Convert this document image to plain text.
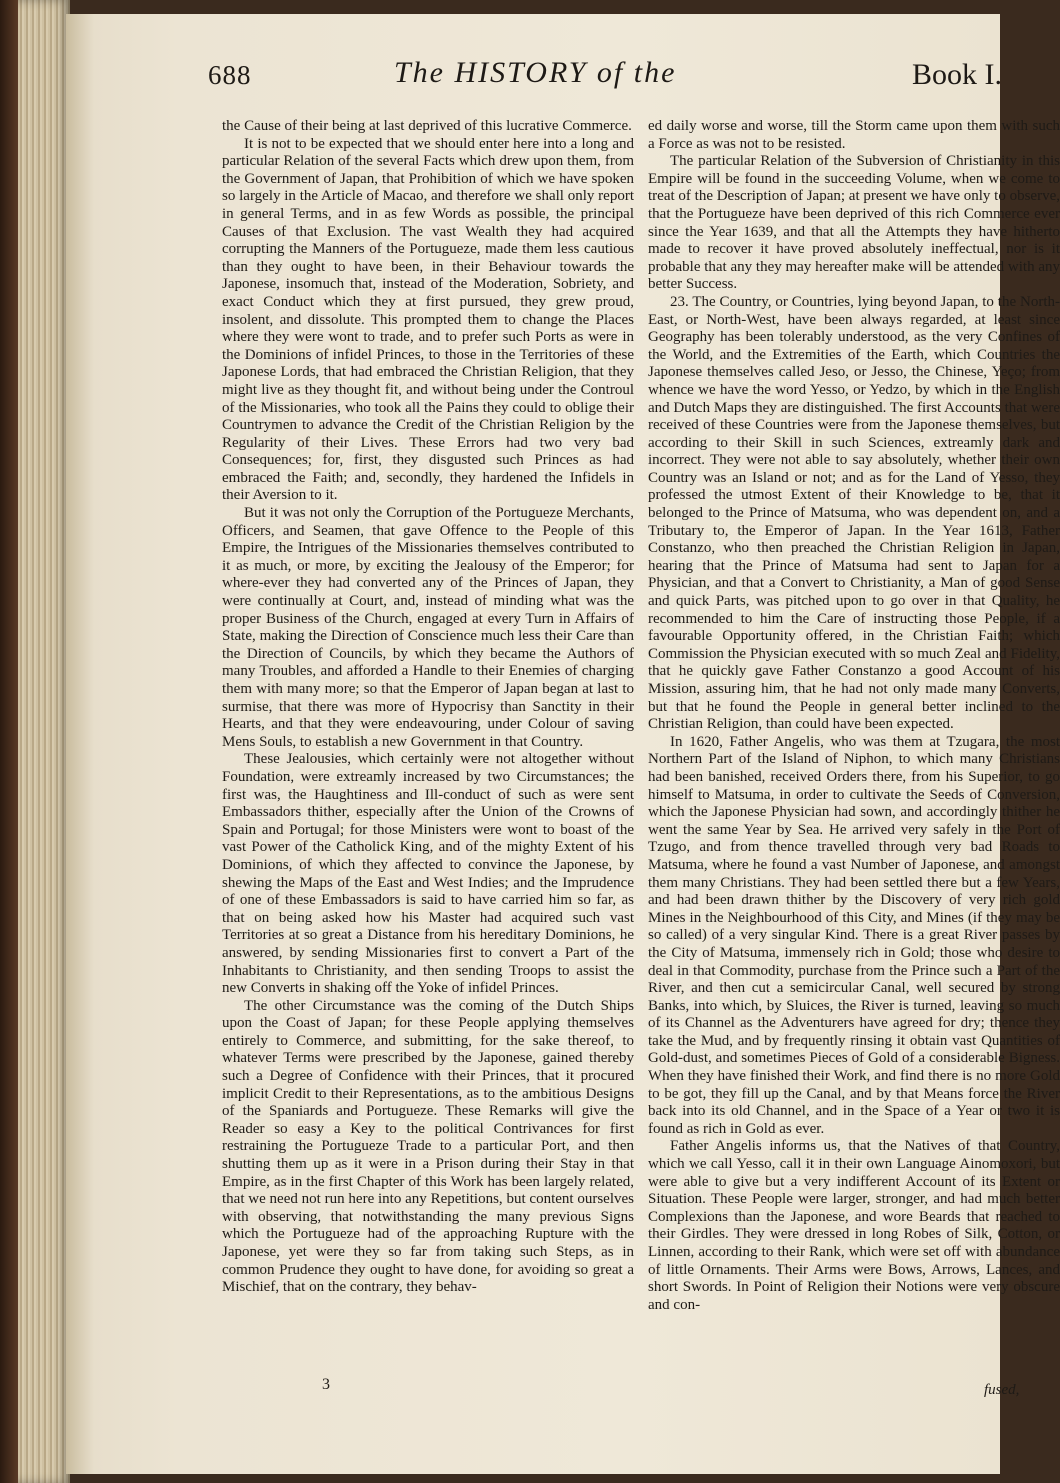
688	The HISTORY of the	Book I.

the Cause of their being at last deprived of this lucrative Commerce.

It is not to be expected that we should enter here into a long and particular Relation of the several Facts which drew upon them, from the Government of Japan, that Prohibition of which we have spoken so largely in the Article of Macao, and therefore we shall only report in general Terms, and in as few Words as possible, the principal Causes of that Exclusion. The vast Wealth they had acquired corrupting the Manners of the Portugueze, made them less cautious than they ought to have been, in their Behaviour towards the Japonese, insomuch that, instead of the Moderation, Sobriety, and exact Conduct which they at first pursued, they grew proud, insolent, and dissolute. This prompted them to change the Places where they were wont to trade, and to prefer such Ports as were in the Dominions of infidel Princes, to those in the Territories of these Japonese Lords, that had embraced the Christian Religion, that they might live as they thought fit, and without being under the Controul of the Missionaries, who took all the Pains they could to oblige their Countrymen to advance the Credit of the Christian Religion by the Regularity of their Lives. These Errors had two very bad Consequences; for, first, they disgusted such Princes as had embraced the Faith; and, secondly, they hardened the Infidels in their Aversion to it.

But it was not only the Corruption of the Portugueze Merchants, Officers, and Seamen, that gave Offence to the People of this Empire, the Intrigues of the Missionaries themselves contributed to it as much, or more, by exciting the Jealousy of the Emperor; for where-ever they had converted any of the Princes of Japan, they were continually at Court, and, instead of minding what was the proper Business of the Church, engaged at every Turn in Affairs of State, making the Direction of Conscience much less their Care than the Direction of Councils, by which they became the Authors of many Troubles, and afforded a Handle to their Enemies of charging them with many more; so that the Emperor of Japan began at last to surmise, that there was more of Hypocrisy than Sanctity in their Hearts, and that they were endeavouring, under Colour of saving Mens Souls, to establish a new Government in that Country.

These Jealousies, which certainly were not altogether without Foundation, were extreamly increased by two Circumstances; the first was, the Haughtiness and Ill-conduct of such as were sent Embassadors thither, especially after the Union of the Crowns of Spain and Portugal; for those Ministers were wont to boast of the vast Power of the Catholick King, and of the mighty Extent of his Dominions, of which they affected to convince the Japonese, by shewing the Maps of the East and West Indies; and the Imprudence of one of these Embassadors is said to have carried him so far, as that on being asked how his Master had acquired such vast Territories at so great a Distance from his hereditary Dominions, he answered, by sending Missionaries first to convert a Part of the Inhabitants to Christianity, and then sending Troops to assist the new Converts in shaking off the Yoke of infidel Princes.

The other Circumstance was the coming of the Dutch Ships upon the Coast of Japan; for these People applying themselves entirely to Commerce, and submitting, for the sake thereof, to whatever Terms were prescribed by the Japonese, gained thereby such a Degree of Confidence with their Princes, that it procured implicit Credit to their Representations, as to the ambitious Designs of the Spaniards and Portugueze. These Remarks will give the Reader so easy a Key to the political Contrivances for first restraining the Portugueze Trade to a particular Port, and then shutting them up as it were in a Prison during their Stay in that Empire, as in the first Chapter of this Work has been largely related, that we need not run here into any Repetitions, but content ourselves with observing, that notwithstanding the many previous Signs which the Portugueze had of the approaching Rupture with the Japonese, yet were they so far from taking such Steps, as in common Prudence they ought to have done, for avoiding so great a Mischief, that on the contrary, they behav-

ed daily worse and worse, till the Storm came upon them with such a Force as was not to be resisted.

The particular Relation of the Subversion of Christianity in this Empire will be found in the succeeding Volume, when we come to treat of the Description of Japan; at present we have only to observe, that the Portugueze have been deprived of this rich Commerce ever since the Year 1639, and that all the Attempts they have hitherto made to recover it have proved absolutely ineffectual, nor is it probable that any they may hereafter make will be attended with any better Success.

23. The Country, or Countries, lying beyond Japan, to the North-East, or North-West, have been always regarded, at least since Geography has been tolerably understood, as the very Confines of the World, and the Extremities of the Earth, which Countries the Japonese themselves called Jeso, or Jesso, the Chinese, Yeço; from whence we have the word Yesso, or Yedzo, by which in the English and Dutch Maps they are distinguished. The first Accounts that were received of these Countries were from the Japonese themselves, but according to their Skill in such Sciences, extreamly dark and incorrect. They were not able to say absolutely, whether their own Country was an Island or not; and as for the Land of Yesso, they professed the utmost Extent of their Knowledge to be, that it belonged to the Prince of Matsuma, who was dependent on, and a Tributary to, the Emperor of Japan. In the Year 1613, Father Constanzo, who then preached the Christian Religion in Japan, hearing that the Prince of Matsuma had sent to Japan for a Physician, and that a Convert to Christianity, a Man of good Sense and quick Parts, was pitched upon to go over in that Quality, he recommended to him the Care of instructing those People, if a favourable Opportunity offered, in the Christian Faith; which Commission the Physician executed with so much Zeal and Fidelity, that he quickly gave Father Constanzo a good Account of his Mission, assuring him, that he had not only made many Converts, but that he found the People in general better inclined to the Christian Religion, than could have been expected.

In 1620, Father Angelis, who was them at Tzugara, the most Northern Part of the Island of Niphon, to which many Christians had been banished, received Orders there, from his Superior, to go himself to Matsuma, in order to cultivate the Seeds of Conversion, which the Japonese Physician had sown, and accordingly thither he went the same Year by Sea. He arrived very safely in the Port of Tzugo, and from thence travelled through very bad Roads to Matsuma, where he found a vast Number of Japonese, and amongst them many Christians. They had been settled there but a few Years, and had been drawn thither by the Discovery of very rich gold Mines in the Neighbourhood of this City, and Mines (if they may be so called) of a very singular Kind. There is a great River passes by the City of Matsuma, immensely rich in Gold; those who desire to deal in that Commodity, purchase from the Prince such a Part of the River, and then cut a semicircular Canal, well secured by strong Banks, into which, by Sluices, the River is turned, leaving so much of its Channel as the Adventurers have agreed for dry; thence they take the Mud, and by frequently rinsing it obtain vast Quantities of Gold-dust, and sometimes Pieces of Gold of a considerable Bigness. When they have finished their Work, and find there is no more Gold to be got, they fill up the Canal, and by that Means force the River back into its old Channel, and in the Space of a Year or two it is found as rich in Gold as ever.

Father Angelis informs us, that the Natives of that Country, which we call Yesso, call it in their own Language Ainomoxori, but were able to give but a very indifferent Account of its Extent or Situation. These People were larger, stronger, and had much better Complexions than the Japonese, and wore Beards that reached to their Girdles. They were dressed in long Robes of Silk, Cotton, or Linnen, according to their Rank, which were set off with abundance of little Ornaments. Their Arms were Bows, Arrows, Lances, and short Swords. In Point of Religion their Notions were very obscure and con-

3	fused,
